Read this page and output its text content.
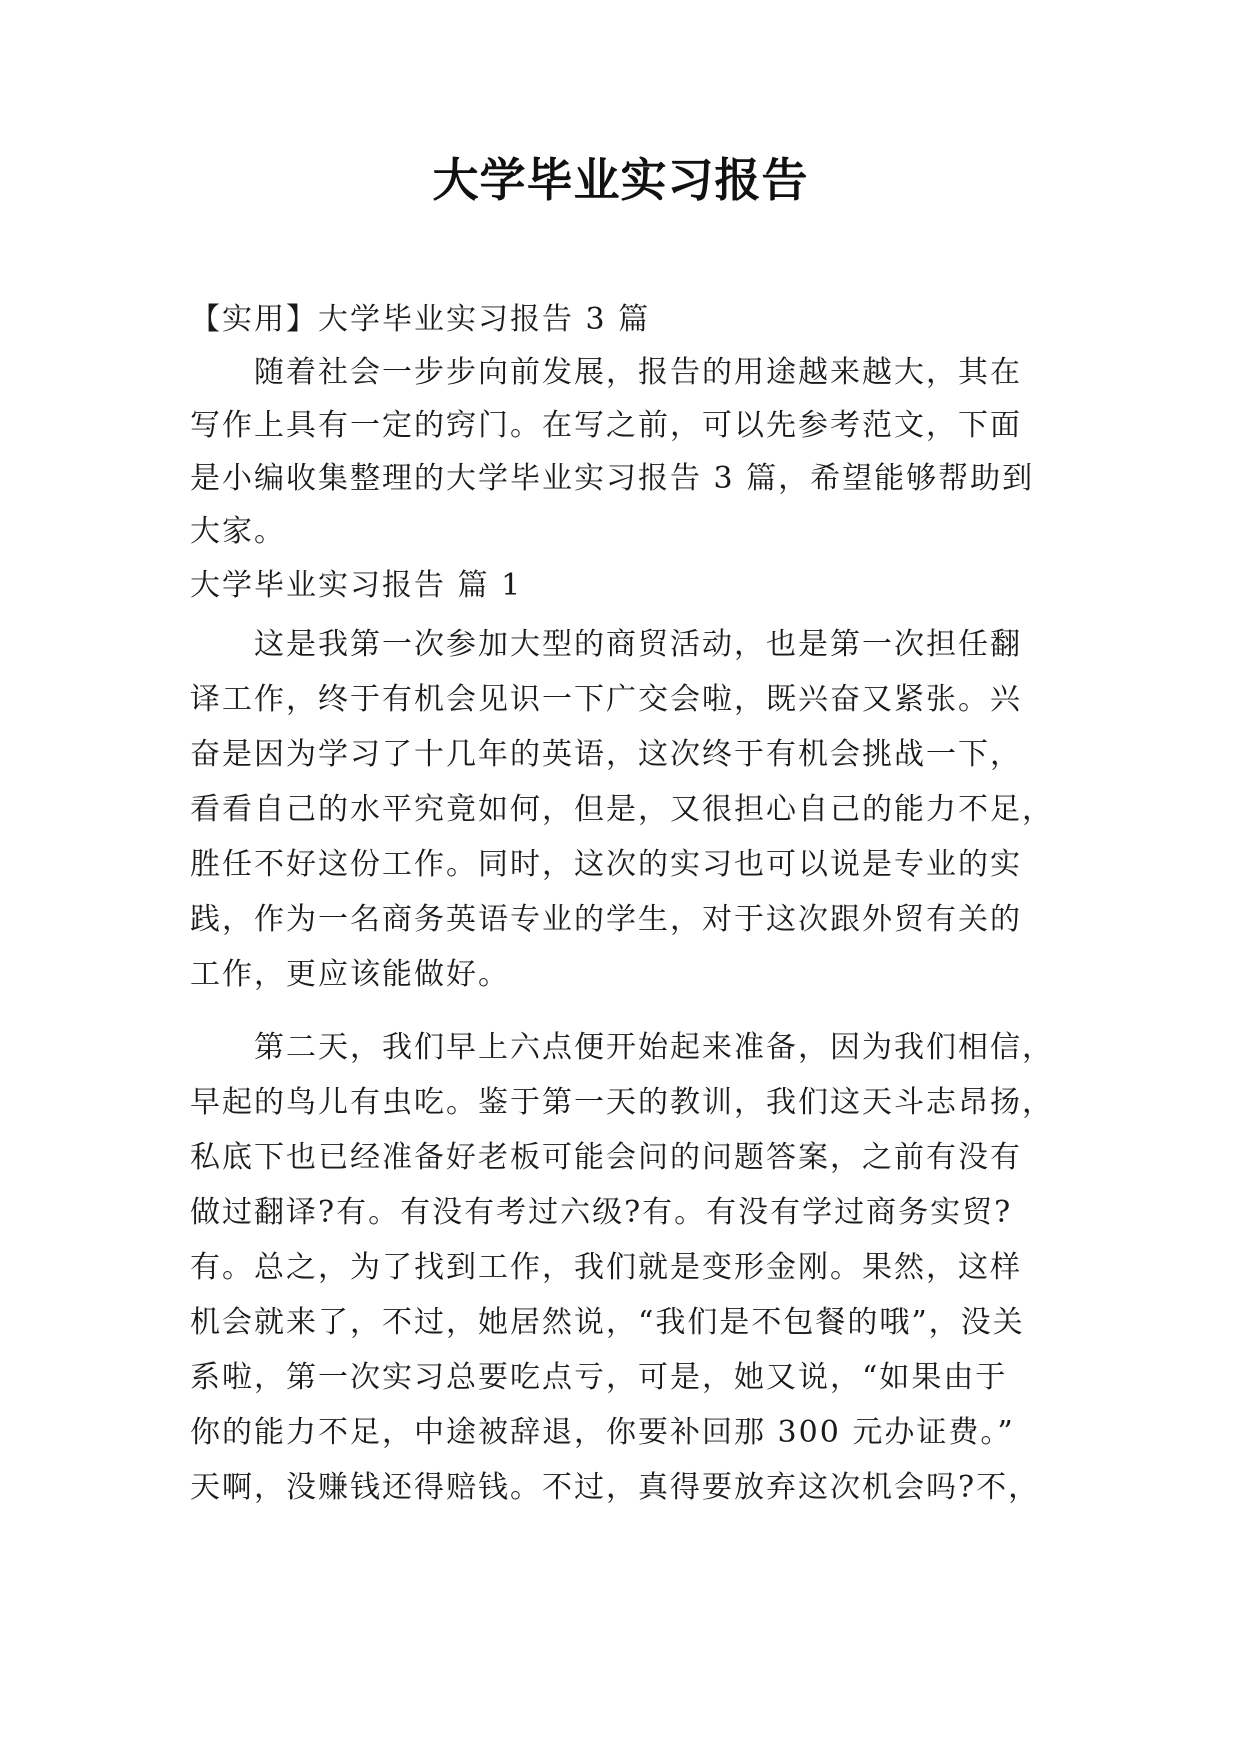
大学毕业实习报告

【实用】大学毕业实习报告 3 篇

　　随着社会一步步向前发展，报告的用途越来越大，其在

写作上具有一定的窍门。在写之前，可以先参考范文，下面

是小编收集整理的大学毕业实习报告 3 篇，希望能够帮助到

大家。

大学毕业实习报告 篇 1

　　这是我第一次参加大型的商贸活动，也是第一次担任翻

译工作，终于有机会见识一下广交会啦，既兴奋又紧张。兴

奋是因为学习了十几年的英语，这次终于有机会挑战一下，

看看自己的水平究竟如何，但是，又很担心自己的能力不足，

胜任不好这份工作。同时，这次的实习也可以说是专业的实

践，作为一名商务英语专业的学生，对于这次跟外贸有关的

工作，更应该能做好。

　　第二天，我们早上六点便开始起来准备，因为我们相信，

早起的鸟儿有虫吃。鉴于第一天的教训，我们这天斗志昂扬，

私底下也已经准备好老板可能会问的问题答案，之前有没有

做过翻译?有。有没有考过六级?有。有没有学过商务实贸?

有。总之，为了找到工作，我们就是变形金刚。果然，这样

机会就来了，不过，她居然说，“我们是不包餐的哦”，没关

系啦，第一次实习总要吃点亏，可是，她又说，“如果由于

你的能力不足，中途被辞退，你要补回那 300 元办证费。”

天啊，没赚钱还得赔钱。不过，真得要放弃这次机会吗?不，
